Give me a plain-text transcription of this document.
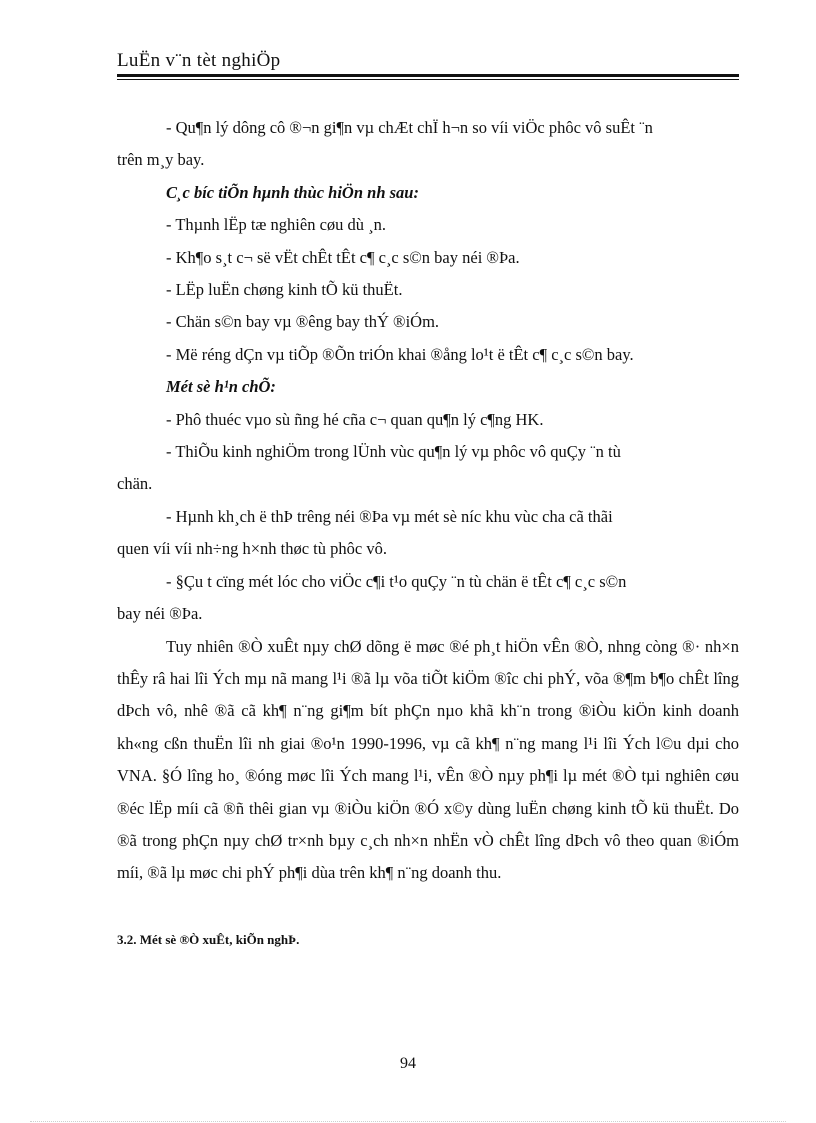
LuËn v¨n tèt nghiÖp

- Qu¶n lý dông cô ®¬n gi¶n vµ chÆt chÏ h¬n so víi viÖc phôc vô suÊt ¨n

trên m¸y bay.

C¸c bíc tiÕn hµnh thùc hiÖn nh sau:

- Thµnh lËp tæ nghiên cøu dù ¸n.

- Kh¶o s¸t c¬ së vËt chÊt tÊt c¶ c¸c s©n bay néi ®Þa.

- LËp luËn chøng kinh tÕ kü thuËt.

- Chän s©n bay vµ ®êng bay thÝ ®iÓm.

- Më réng dÇn vµ tiÕp ®Õn triÓn khai ®ång lo¹t ë tÊt c¶ c¸c s©n bay.

Mét sè h¹n chÕ:

- Phô thuéc vµo sù ñng hé cña c¬ quan qu¶n lý c¶ng HK.

- ThiÕu kinh nghiÖm trong lÜnh vùc qu¶n lý vµ phôc vô quÇy ¨n tù

chän.

- Hµnh kh¸ch ë thÞ trêng néi ®Þa vµ mét sè níc khu vùc cha cã thãi

quen víi víi nh÷ng h×nh thøc tù phôc vô.

- §Çu t cïng mét lóc cho viÖc c¶i t¹o quÇy ¨n tù chän ë tÊt c¶ c¸c s©n

bay néi ®Þa.

Tuy nhiên ®Ò xuÊt nµy chØ dõng ë møc ®é ph¸t hiÖn vÊn ®Ò, nhng còng ®· nh×n thÊy râ hai lîi Ých mµ nã mang l¹i ®ã lµ võa tiÕt kiÖm ®îc chi phÝ, võa ®¶m b¶o chÊt lîng dÞch vô, nhê ®ã cã kh¶ n¨ng gi¶m bít phÇn nµo khã kh¨n trong ®iÒu kiÖn kinh doanh kh«ng cßn thuËn lîi nh giai ®o¹n 1990-1996, vµ cã kh¶ n¨ng mang l¹i lîi Ých l©u dµi cho VNA. §Ó lîng ho¸ ®óng møc lîi Ých mang l¹i, vÊn ®Ò nµy ph¶i lµ mét ®Ò tµi nghiên cøu ®éc lËp míi cã ®ñ thêi gian vµ ®iÒu kiÖn ®Ó x©y dùng luËn chøng kinh tÕ kü thuËt. Do ®ã trong phÇn nµy chØ tr×nh bµy c¸ch nh×n nhËn vÒ chÊt lîng dÞch vô theo quan ®iÓm míi, ®ã lµ møc chi phÝ ph¶i dùa trên kh¶ n¨ng doanh thu.

3.2. Mét sè ®Ò xuÊt, kiÕn nghÞ.
94
